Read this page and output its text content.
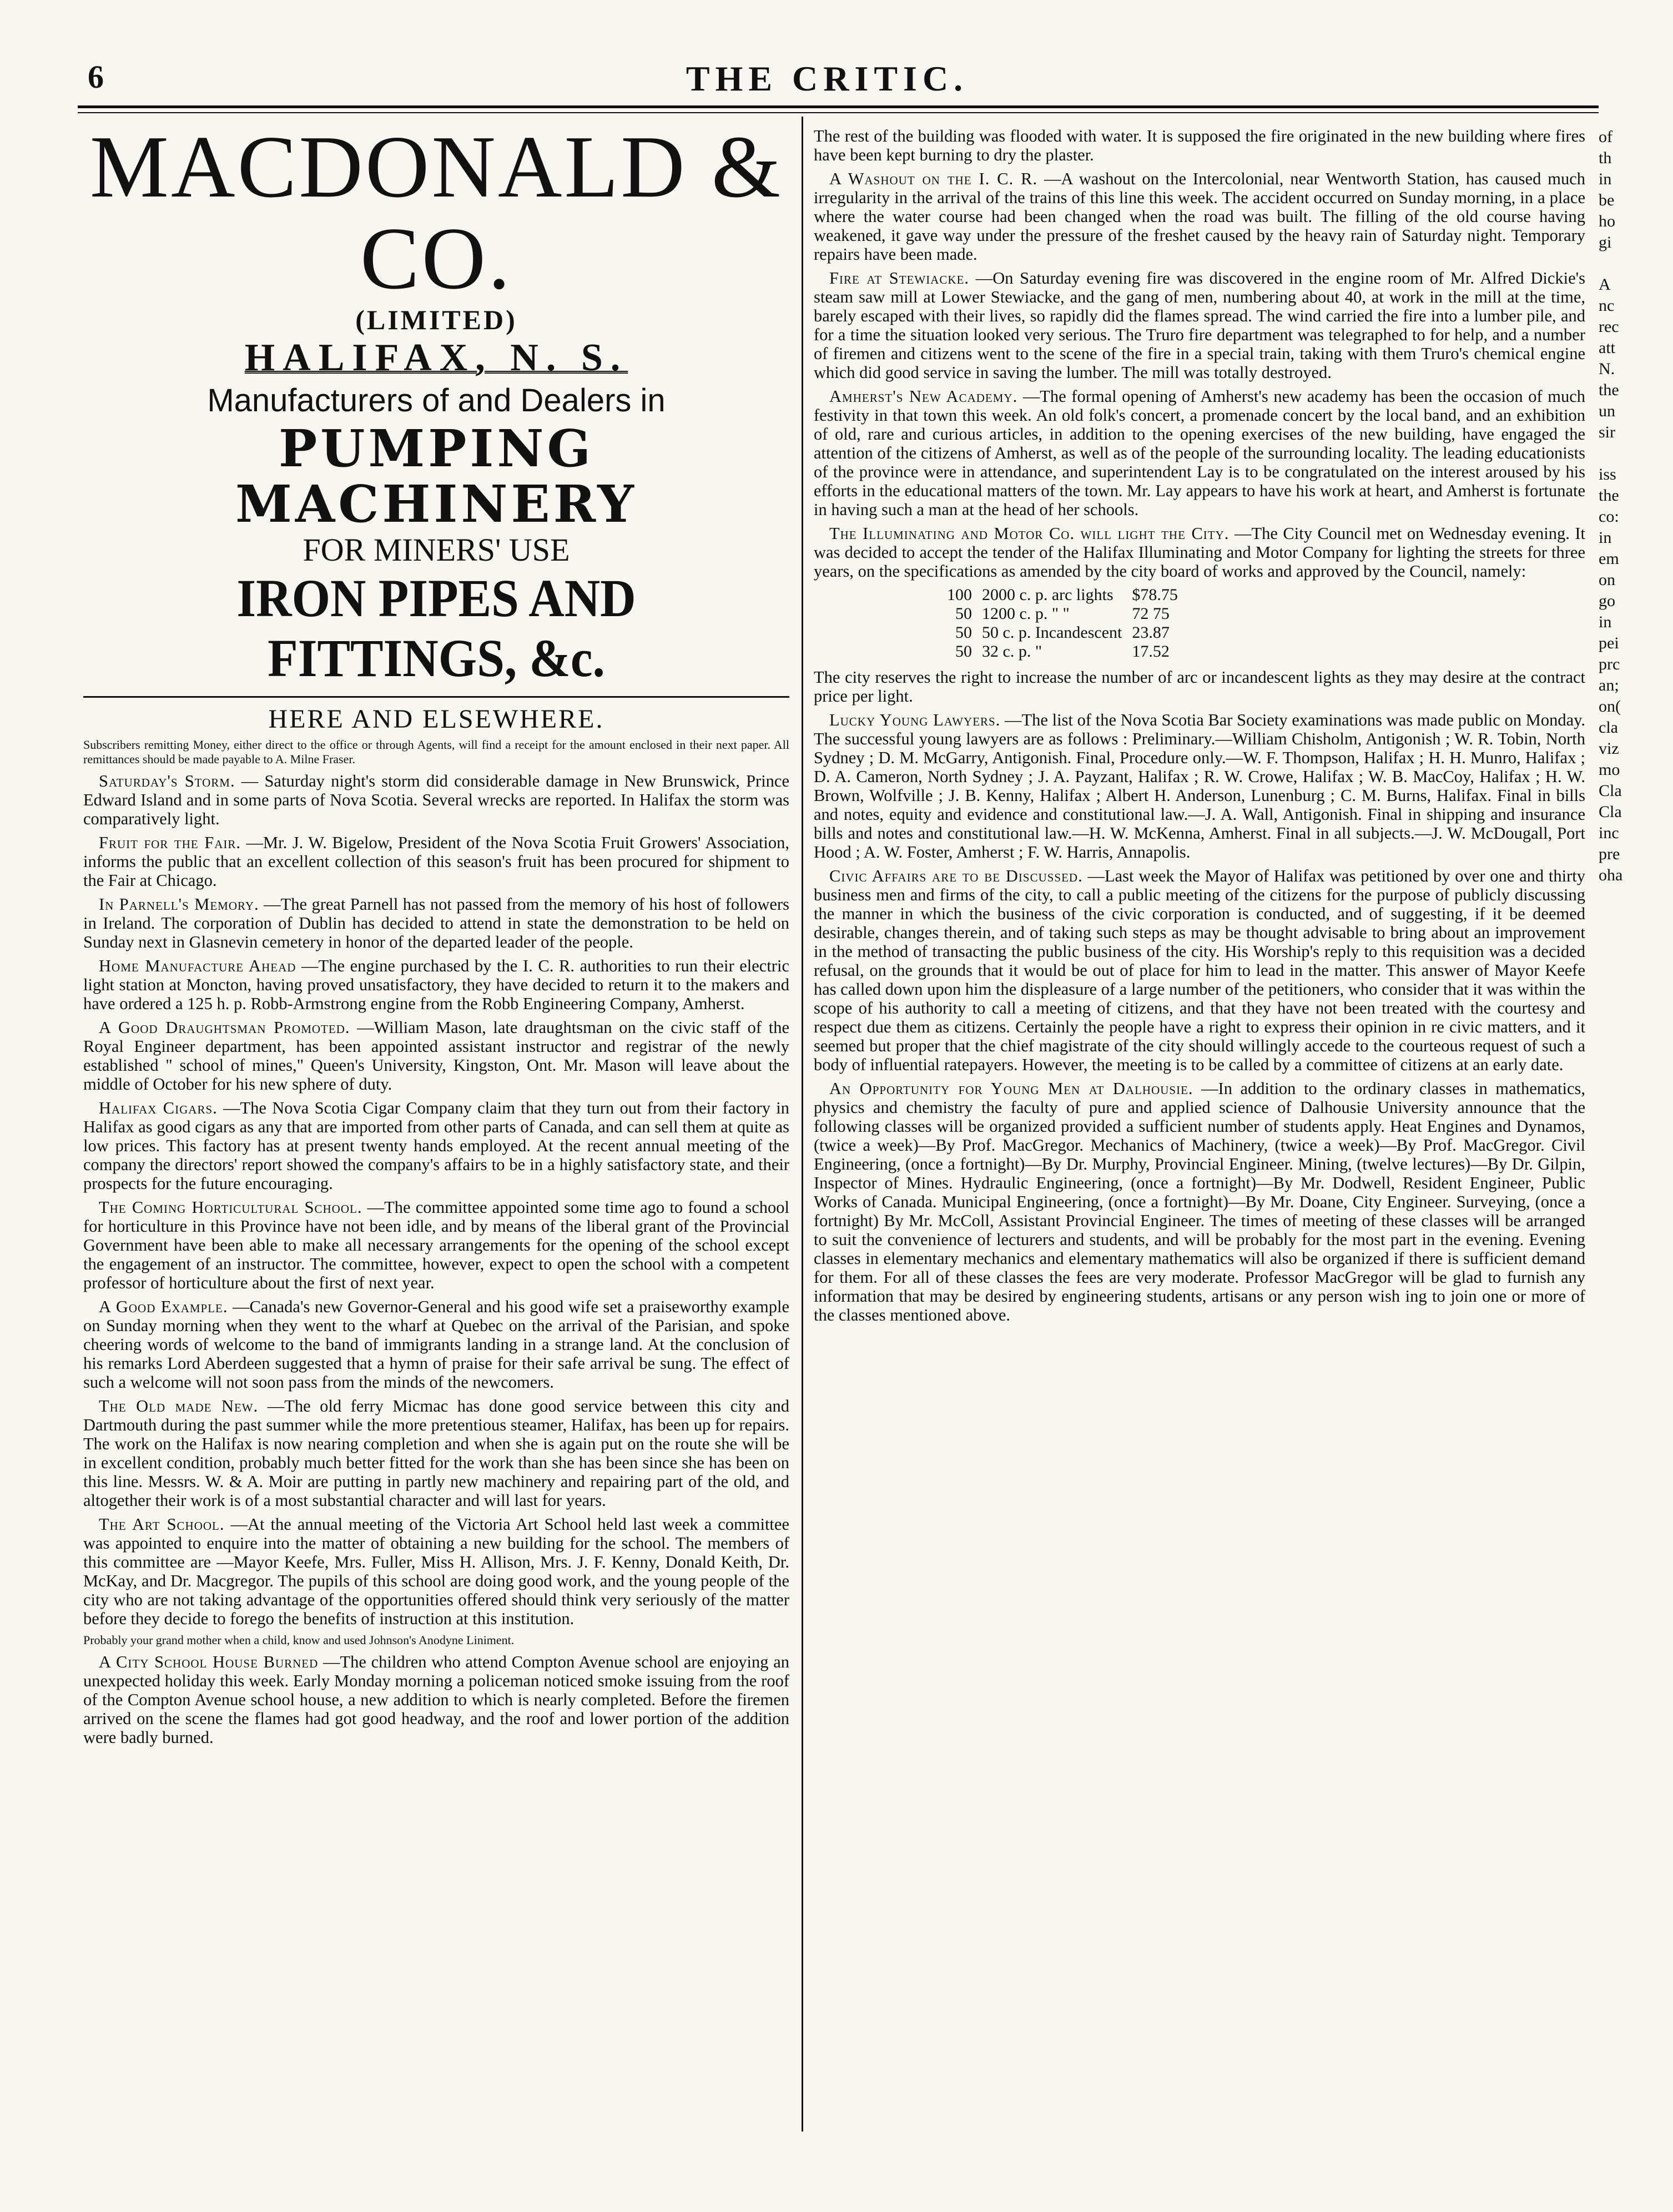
6	THE CRITIC.
MACDONALD & CO.
(LIMITED)
HALIFAX, N. S.
Manufacturers of and Dealers in
PUMPING MACHINERY
FOR MINERS' USE
IRON PIPES AND FITTINGS, &c.
HERE AND ELSEWHERE.

Subscribers remitting Money, either direct to the office or through Agents, will find a receipt for the amount enclosed in their next paper. All remittances should be made payable to A. Milne Fraser.

Saturday's Storm. — Saturday night's storm did considerable damage in New Brunswick, Prince Edward Island and in some parts of Nova Scotia. Several wrecks are reported. In Halifax the storm was comparatively light.

Fruit for the Fair. —Mr. J. W. Bigelow, President of the Nova Scotia Fruit Growers' Association, informs the public that an excellent collection of this season's fruit has been procured for shipment to the Fair at Chicago.

In Parnell's Memory. —The great Parnell has not passed from the memory of his host of followers in Ireland. The corporation of Dublin has decided to attend in state the demonstration to be held on Sunday next in Glasnevin cemetery in honor of the departed leader of the people.

Home Manufacture Ahead —The engine purchased by the I. C. R. authorities to run their electric light station at Moncton, having proved unsatisfactory, they have decided to return it to the makers and have ordered a 125 h. p. Robb-Armstrong engine from the Robb Engineering Company, Amherst.

A Good Draughtsman Promoted. —William Mason, late draughtsman on the civic staff of the Royal Engineer department, has been appointed assistant instructor and registrar of the newly established " school of mines," Queen's University, Kingston, Ont. Mr. Mason will leave about the middle of October for his new sphere of duty.

Halifax Cigars. —The Nova Scotia Cigar Company claim that they turn out from their factory in Halifax as good cigars as any that are imported from other parts of Canada, and can sell them at quite as low prices. This factory has at present twenty hands employed. At the recent annual meeting of the company the directors' report showed the company's affairs to be in a highly satisfactory state, and their prospects for the future encouraging.

The Coming Horticultural School. —The committee appointed some time ago to found a school for horticulture in this Province have not been idle, and by means of the liberal grant of the Provincial Government have been able to make all necessary arrangements for the opening of the school except the engagement of an instructor. The committee, however, expect to open the school with a competent professor of horticulture about the first of next year.

A Good Example. —Canada's new Governor-General and his good wife set a praiseworthy example on Sunday morning when they went to the wharf at Quebec on the arrival of the Parisian, and spoke cheering words of welcome to the band of immigrants landing in a strange land. At the conclusion of his remarks Lord Aberdeen suggested that a hymn of praise for their safe arrival be sung. The effect of such a welcome will not soon pass from the minds of the newcomers.

The Old made New. —The old ferry Micmac has done good service between this city and Dartmouth during the past summer while the more pretentious steamer, Halifax, has been up for repairs. The work on the Halifax is now nearing completion and when she is again put on the route she will be in excellent condition, probably much better fitted for the work than she has been since she has been on this line. Messrs. W. & A. Moir are putting in partly new machinery and repairing part of the old, and altogether their work is of a most substantial character and will last for years.

The Art School. —At the annual meeting of the Victoria Art School held last week a committee was appointed to enquire into the matter of obtaining a new building for the school. The members of this committee are —Mayor Keefe, Mrs. Fuller, Miss H. Allison, Mrs. J. F. Kenny, Donald Keith, Dr. McKay, and Dr. Macgregor. The pupils of this school are doing good work, and the young people of the city who are not taking advantage of the opportunities offered should think very seriously of the matter before they decide to forego the benefits of instruction at this institution.

Probably your grand mother when a child, know and used Johnson's Anodyne Liniment.

A City School House Burned —The children who attend Compton Avenue school are enjoying an unexpected holiday this week. Early Monday morning a policeman noticed smoke issuing from the roof of the Compton Avenue school house, a new addition to which is nearly completed. Before the firemen arrived on the scene the flames had got good headway, and the roof and lower portion of the addition were badly burned.

The rest of the building was flooded with water. It is supposed the fire originated in the new building where fires have been kept burning to dry the plaster.

A Washout on the I. C. R. —A washout on the Intercolonial, near Wentworth Station, has caused much irregularity in the arrival of the trains of this line this week. The accident occurred on Sunday morning, in a place where the water course had been changed when the road was built. The filling of the old course having weakened, it gave way under the pressure of the freshet caused by the heavy rain of Saturday night. Temporary repairs have been made.

Fire at Stewiacke. —On Saturday evening fire was discovered in the engine room of Mr. Alfred Dickie's steam saw mill at Lower Stewiacke, and the gang of men, numbering about 40, at work in the mill at the time, barely escaped with their lives, so rapidly did the flames spread. The wind carried the fire into a lumber pile, and for a time the situation looked very serious. The Truro fire department was telegraphed to for help, and a number of firemen and citizens went to the scene of the fire in a special train, taking with them Truro's chemical engine which did good service in saving the lumber. The mill was totally destroyed.

Amherst's New Academy. —The formal opening of Amherst's new academy has been the occasion of much festivity in that town this week. An old folk's concert, a promenade concert by the local band, and an exhibition of old, rare and curious articles, in addition to the opening exercises of the new building, have engaged the attention of the citizens of Amherst, as well as of the people of the surrounding locality. The leading educationists of the province were in attendance, and superintendent Lay is to be congratulated on the interest aroused by his efforts in the educational matters of the town. Mr. Lay appears to have his work at heart, and Amherst is fortunate in having such a man at the head of her schools.

The Illuminating and Motor Co. will light the City. —The City Council met on Wednesday evening. It was decided to accept the tender of the Halifax Illuminating and Motor Company for lighting the streets for three years, on the specifications as amended by the city board of works and approved by the Council, namely:

100	2000 c. p. arc lights	$78.75
50	1200 c. p. " "	72 75
50	50 c. p. Incandescent	23.87
50	32 c. p. "	17.52

The city reserves the right to increase the number of arc or incandescent lights as they may desire at the contract price per light.

Lucky Young Lawyers. —The list of the Nova Scotia Bar Society examinations was made public on Monday. The successful young lawyers are as follows : Preliminary.—William Chisholm, Antigonish ; W. R. Tobin, North Sydney ; D. M. McGarry, Antigonish. Final, Procedure only.—W. F. Thompson, Halifax ; H. H. Munro, Halifax ; D. A. Cameron, North Sydney ; J. A. Payzant, Halifax ; R. W. Crowe, Halifax ; W. B. MacCoy, Halifax ; H. W. Brown, Wolfville ; J. B. Kenny, Halifax ; Albert H. Anderson, Lunenburg ; C. M. Burns, Halifax. Final in bills and notes, equity and evidence and constitutional law.—J. A. Wall, Antigonish. Final in shipping and insurance bills and notes and constitutional law.—H. W. McKenna, Amherst. Final in all subjects.—J. W. McDougall, Port Hood ; A. W. Foster, Amherst ; F. W. Harris, Annapolis.

Civic Affairs are to be Discussed. —Last week the Mayor of Halifax was petitioned by over one and thirty business men and firms of the city, to call a public meeting of the citizens for the purpose of publicly discussing the manner in which the business of the civic corporation is conducted, and of suggesting, if it be deemed desirable, changes therein, and of taking such steps as may be thought advisable to bring about an improvement in the method of transacting the public business of the city. His Worship's reply to this requisition was a decided refusal, on the grounds that it would be out of place for him to lead in the matter. This answer of Mayor Keefe has called down upon him the displeasure of a large number of the petitioners, who consider that it was within the scope of his authority to call a meeting of citizens, and that they have not been treated with the courtesy and respect due them as citizens. Certainly the people have a right to express their opinion in re civic matters, and it seemed but proper that the chief magistrate of the city should willingly accede to the courteous request of such a body of influential ratepayers. However, the meeting is to be called by a committee of citizens at an early date.

An Opportunity for Young Men at Dalhousie. —In addition to the ordinary classes in mathematics, physics and chemistry the faculty of pure and applied science of Dalhousie University announce that the following classes will be organized provided a sufficient number of students apply. Heat Engines and Dynamos, (twice a week)—By Prof. MacGregor. Mechanics of Machinery, (twice a week)—By Prof. MacGregor. Civil Engineering, (once a fortnight)—By Dr. Murphy, Provincial Engineer. Mining, (twelve lectures)—By Dr. Gilpin, Inspector of Mines. Hydraulic Engineering, (once a fortnight)—By Mr. Dodwell, Resident Engineer, Public Works of Canada. Municipal Engineering, (once a fortnight)—By Mr. Doane, City Engineer. Surveying, (once a fortnight) By Mr. McColl, Assistant Provincial Engineer. The times of meeting of these classes will be arranged to suit the convenience of lecturers and students, and will be probably for the most part in the evening. Evening classes in elementary mechanics and elementary mathematics will also be organized if there is sufficient demand for them. For all of these classes the fees are very moderate. Professor MacGregor will be glad to furnish any information that may be desired by engineering students, artisans or any person wish ing to join one or more of the classes mentioned above.

of
th
in
be
ho
gi
A
nc
rec
att
N.
the
un
sir
iss
the
co:
in
em
on
go
in
pei
prc
an;
on(
cla
viz
mo
Cla
Cla
inc
pre
oha
